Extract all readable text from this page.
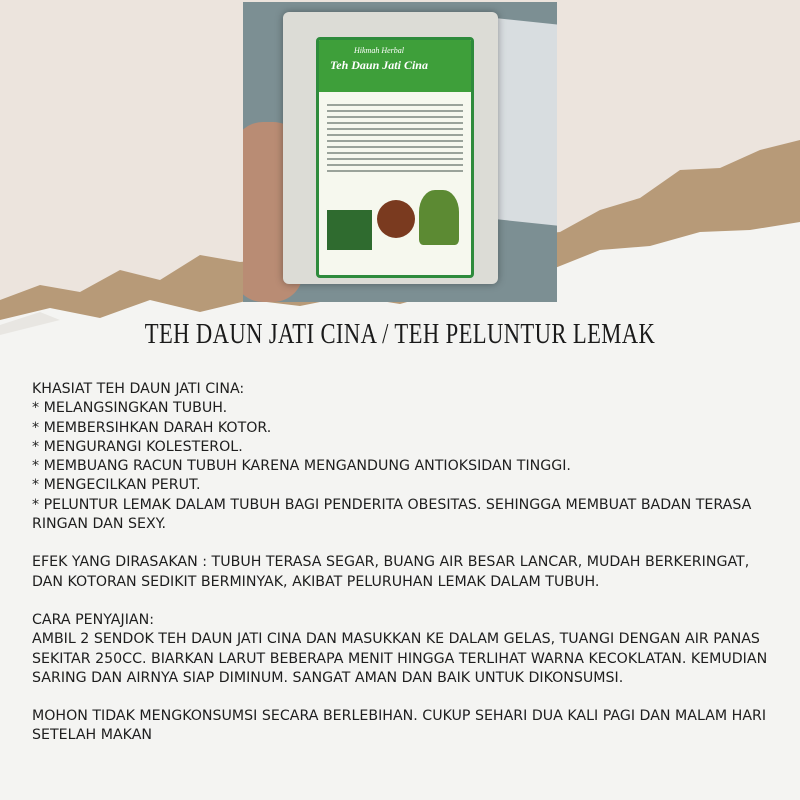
Hikmah Herbal
Teh Daun Jati Cina
TEH DAUN JATI CINA / TEH PELUNTUR LEMAK

KHASIAT TEH DAUN JATI CINA:

* MELANGSINGKAN TUBUH.

* MEMBERSIHKAN DARAH KOTOR.

* MENGURANGI KOLESTEROL.

* MEMBUANG RACUN TUBUH KARENA MENGANDUNG ANTIOKSIDAN TINGGI.

* MENGECILKAN PERUT.

* PELUNTUR LEMAK DALAM TUBUH BAGI PENDERITA OBESITAS. SEHINGGA MEMBUAT BADAN TERASA RINGAN DAN SEXY.

EFEK YANG DIRASAKAN : TUBUH TERASA SEGAR, BUANG AIR BESAR LANCAR, MUDAH BERKERINGAT, DAN KOTORAN SEDIKIT BERMINYAK, AKIBAT PELURUHAN LEMAK DALAM TUBUH.

CARA PENYAJIAN:

AMBIL 2 SENDOK TEH DAUN JATI CINA DAN MASUKKAN KE DALAM GELAS, TUANGI DENGAN AIR PANAS SEKITAR 250CC. BIARKAN LARUT BEBERAPA MENIT HINGGA TERLIHAT WARNA KECOKLATAN. KEMUDIAN SARING DAN AIRNYA SIAP DIMINUM. SANGAT AMAN DAN BAIK UNTUK DIKONSUMSI.

MOHON TIDAK MENGKONSUMSI SECARA BERLEBIHAN. CUKUP SEHARI DUA KALI PAGI DAN MALAM HARI SETELAH MAKAN
